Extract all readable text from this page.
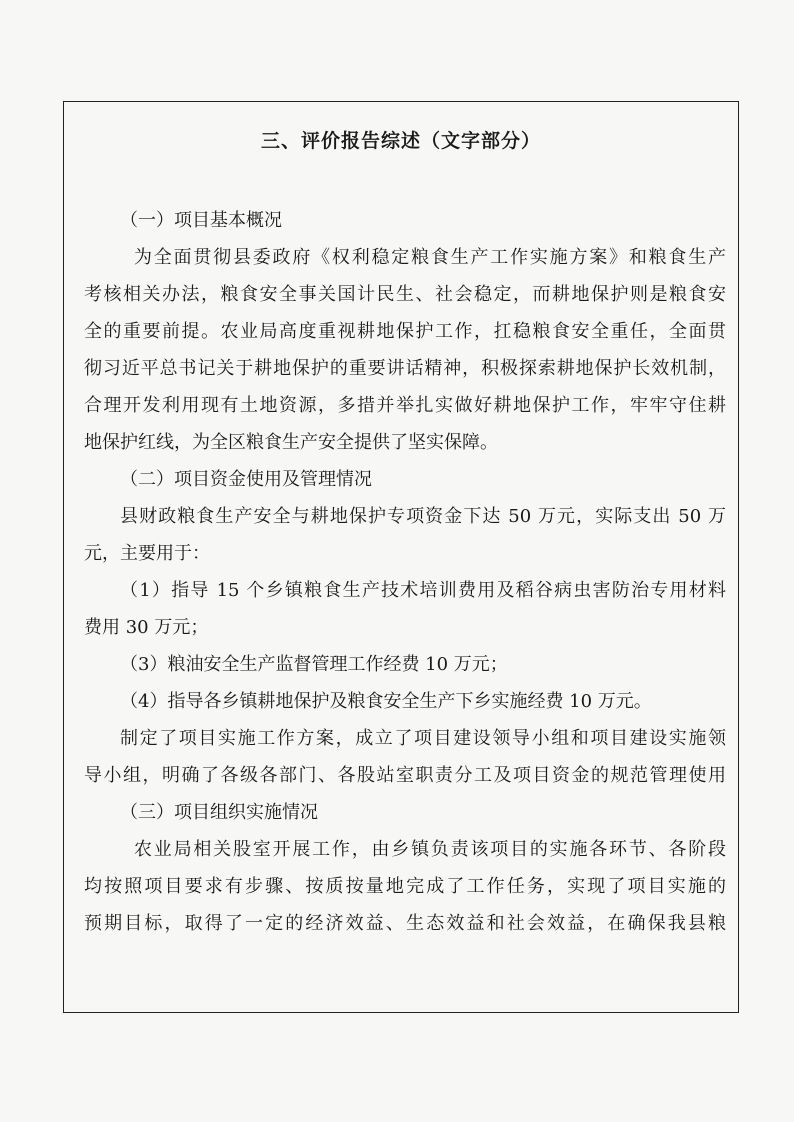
三、评价报告综述（文字部分）
（一）项目基本概况
为全面贯彻县委政府《权利稳定粮食生产工作实施方案》和粮食生产
考核相关办法，粮食安全事关国计民生、社会稳定，而耕地保护则是粮食安
全的重要前提。农业局高度重视耕地保护工作，扛稳粮食安全重任，全面贯
彻习近平总书记关于耕地保护的重要讲话精神，积极探索耕地保护长效机制，
合理开发利用现有土地资源，多措并举扎实做好耕地保护工作，牢牢守住耕
地保护红线，为全区粮食生产安全提供了坚实保障。
（二）项目资金使用及管理情况
县财政粮食生产安全与耕地保护专项资金下达 50 万元，实际支出 50 万
元，主要用于：
（1）指导 15 个乡镇粮食生产技术培训费用及稻谷病虫害防治专用材料
费用 30 万元；
（3）粮油安全生产监督管理工作经费 10 万元；
（4）指导各乡镇耕地保护及粮食安全生产下乡实施经费 10 万元。
制定了项目实施工作方案，成立了项目建设领导小组和项目建设实施领
导小组，明确了各级各部门、各股站室职责分工及项目资金的规范管理使用
（三）项目组织实施情况
农业局相关股室开展工作，由乡镇负责该项目的实施各环节、各阶段
均按照项目要求有步骤、按质按量地完成了工作任务，实现了项目实施的
预期目标，取得了一定的经济效益、生态效益和社会效益，在确保我县粮
